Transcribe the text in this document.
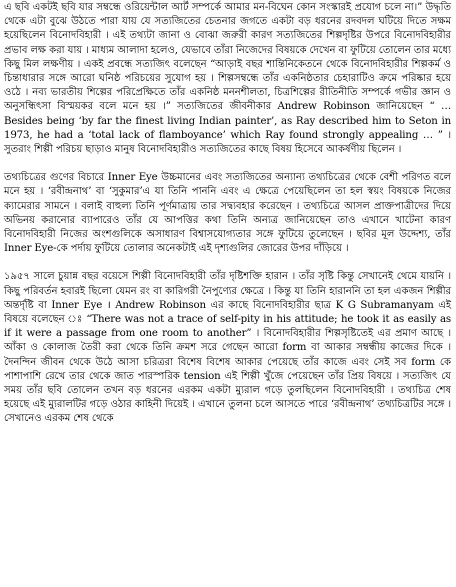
এ ছবি একটই ছবি যার সম্বন্ধে ওরিয়েন্টাল আর্ট সম্পর্কে আমার মন-বিঘেন কোন সংস্কারই প্রযোগ চলে না।” উদ্ধৃতি থেকে এটা বুঝে উঠতে পারা যায় যে সত্যজিতের চেতনার জগতে একটা বড় ধরনের রদবদল ঘটিয়ে দিতে সক্ষম হয়েছিলেন বিনোদবিহারী । এই তথ্যটা জানা ও বোঝা জরুরী কারণ সত্যজিতের শিল্পদৃষ্টির উপরে বিনোদবিহারীর প্রভাব লক্ষ করা যায় । মাধ্যম আলাদা হলেও, যেভাবে তাঁরা নিজেদের বিষয়কে দেখেন বা ফুটিয়ে তোলেন তার মধ্যে কিছু মিল লক্ষণীয় । একই প্রবন্ধে সত্যজিৎ বলেছেন “আড়াই বছর শান্তিনিকেতনে থেকে বিনোদবিহারীর শিল্পকর্ম ও চিন্তাধারার সঙ্গে আরো ঘনিষ্ঠ পরিচয়ের সুযোগ হয় । শিল্পসম্বন্ধে তাঁর একনিষ্ঠতার চেহারাটিও ক্রমে পরিষ্কার হয়ে ওঠে । নব্য ভারতীয় শিল্পের পরিপ্রেক্ষিতে তাঁর একনিষ্ঠ মননশীলতা, চিত্রশিল্পের রীতিনীতি সম্পর্কে গভীর জ্ঞান ও অনুসন্ধিৎসা বিস্ময়কর বলে মনে হয় ।” সত্যজিতের জীবনীকার Andrew Robinson জানিয়েছেন “ … Besides being ‘by far the finest living Indian painter’, as Ray described him to Seton in 1973, he had a ‘total lack of flamboyance’ which Ray found strongly appealing … ” । সুতরাং শিল্পী পরিচয় ছাড়াও মানুষ বিনোদবিহারীও সত্যজিতের কাছে বিষয় হিসেবে আকর্ষণীয় ছিলেন ।

তথ্যচিত্রের গুণের বিচারে Inner Eye উচ্চমানের এবং সত্যজিতের অন্যান্য তথ্যচিত্রের থেকে বেশী পরিণত বলে মনে হয় । ‘রবীন্দ্রনাথ’ বা ‘সুকুমার’এ যা তিনি পাননি এবং এ ক্ষেত্রে পেয়েছিলেন তা হল স্বয়ং বিষয়কে নিজের ক্যামেরার সামনে । বলাই বাহুল্য তিনি পূর্ণমাত্রায় তার সদ্ব্যবহার করেছেন । তথ্যচিত্রে আসল প্রাক্তপাত্রীদের দিয়ে অভিনয় করানোর ব্যাপারেও তাঁর যে আপত্তির কথা তিনি অন্যত্র জানিয়েছেন তাও এখানে খাটেনা কারণ বিনোদবিহারী নিজের অংশগুলিকে অসাধারণ বিশ্বাসযোগ্যতার সঙ্গে ফুটিয়ে তুলেছেন । ছবির মূল উদ্দেশ্য, তাঁর Inner Eye-কে পর্দায় ফুটিয়ে তোলার অনেকটাই এই দৃশ্যগুলির জোরের উপর দাঁড়িয়ে ।

১৯৫৭ সালে চুয়ান্ন বছর বয়েসে শিল্পী বিনোদবিহারী তাঁর দৃষ্টিশক্তি হারান । তাঁর সৃষ্টি কিন্তু সেখানেই থেমে যায়নি । কিছু পরিবর্তন হবারই ছিলো যেমন রং বা কারিগরী নৈপুণ্যের ক্ষেত্রে । কিন্তু যা তিনি হারাননি তা হল একজন শিল্পীর অন্তর্দৃষ্টি বা Inner Eye । Andrew Robinson এর কাছে বিনোদবিহারীর ছাত্র K G Subramanyam এই বিষয়ে বলেছেন ঃ “There was not a trace of self-pity in his attitude; he took it as easily as if it were a passage from one room to another” । বিনোদবিহারীর শিল্পসৃষ্টিতেই এর প্রমাণ আছে । আঁকা ও কোলাজ তৈরী করা থেকে তিনি ক্রমশ সরে গেছেন আরো form বা আকার সম্বন্ধীয় কাজের দিকে । দৈনন্দিন জীবন থেকে উঠে আসা চরিত্ররা বিশেষ বিশেষ আকার পেয়েছে তাঁর কাজে এবং সেই সব form কে পাশাপাশি রেখে তার থেকে জাত পারস্পরিক tension এই শিল্পী খুঁজে পেয়েছেন তাঁর প্রিয় বিষয়ে । সত্যজিৎ যে সময় তাঁর ছবি তোলেন তখন বড় ধরনের এরকম একটা ম্যুরাল গড়ে তুলছিলেন বিনোদবিহারী । তথ্যচিত্র শেষ হয়েছে এই ম্যুরালটির গড়ে ওঠার কাহিনী দিয়েই । এখানে তুলনা চলে আসতে পারে ‘রবীন্দ্রনাথ’ তথ্যচিত্রটির সঙ্গে । সেখানেও এরকম শেষ থেকে
